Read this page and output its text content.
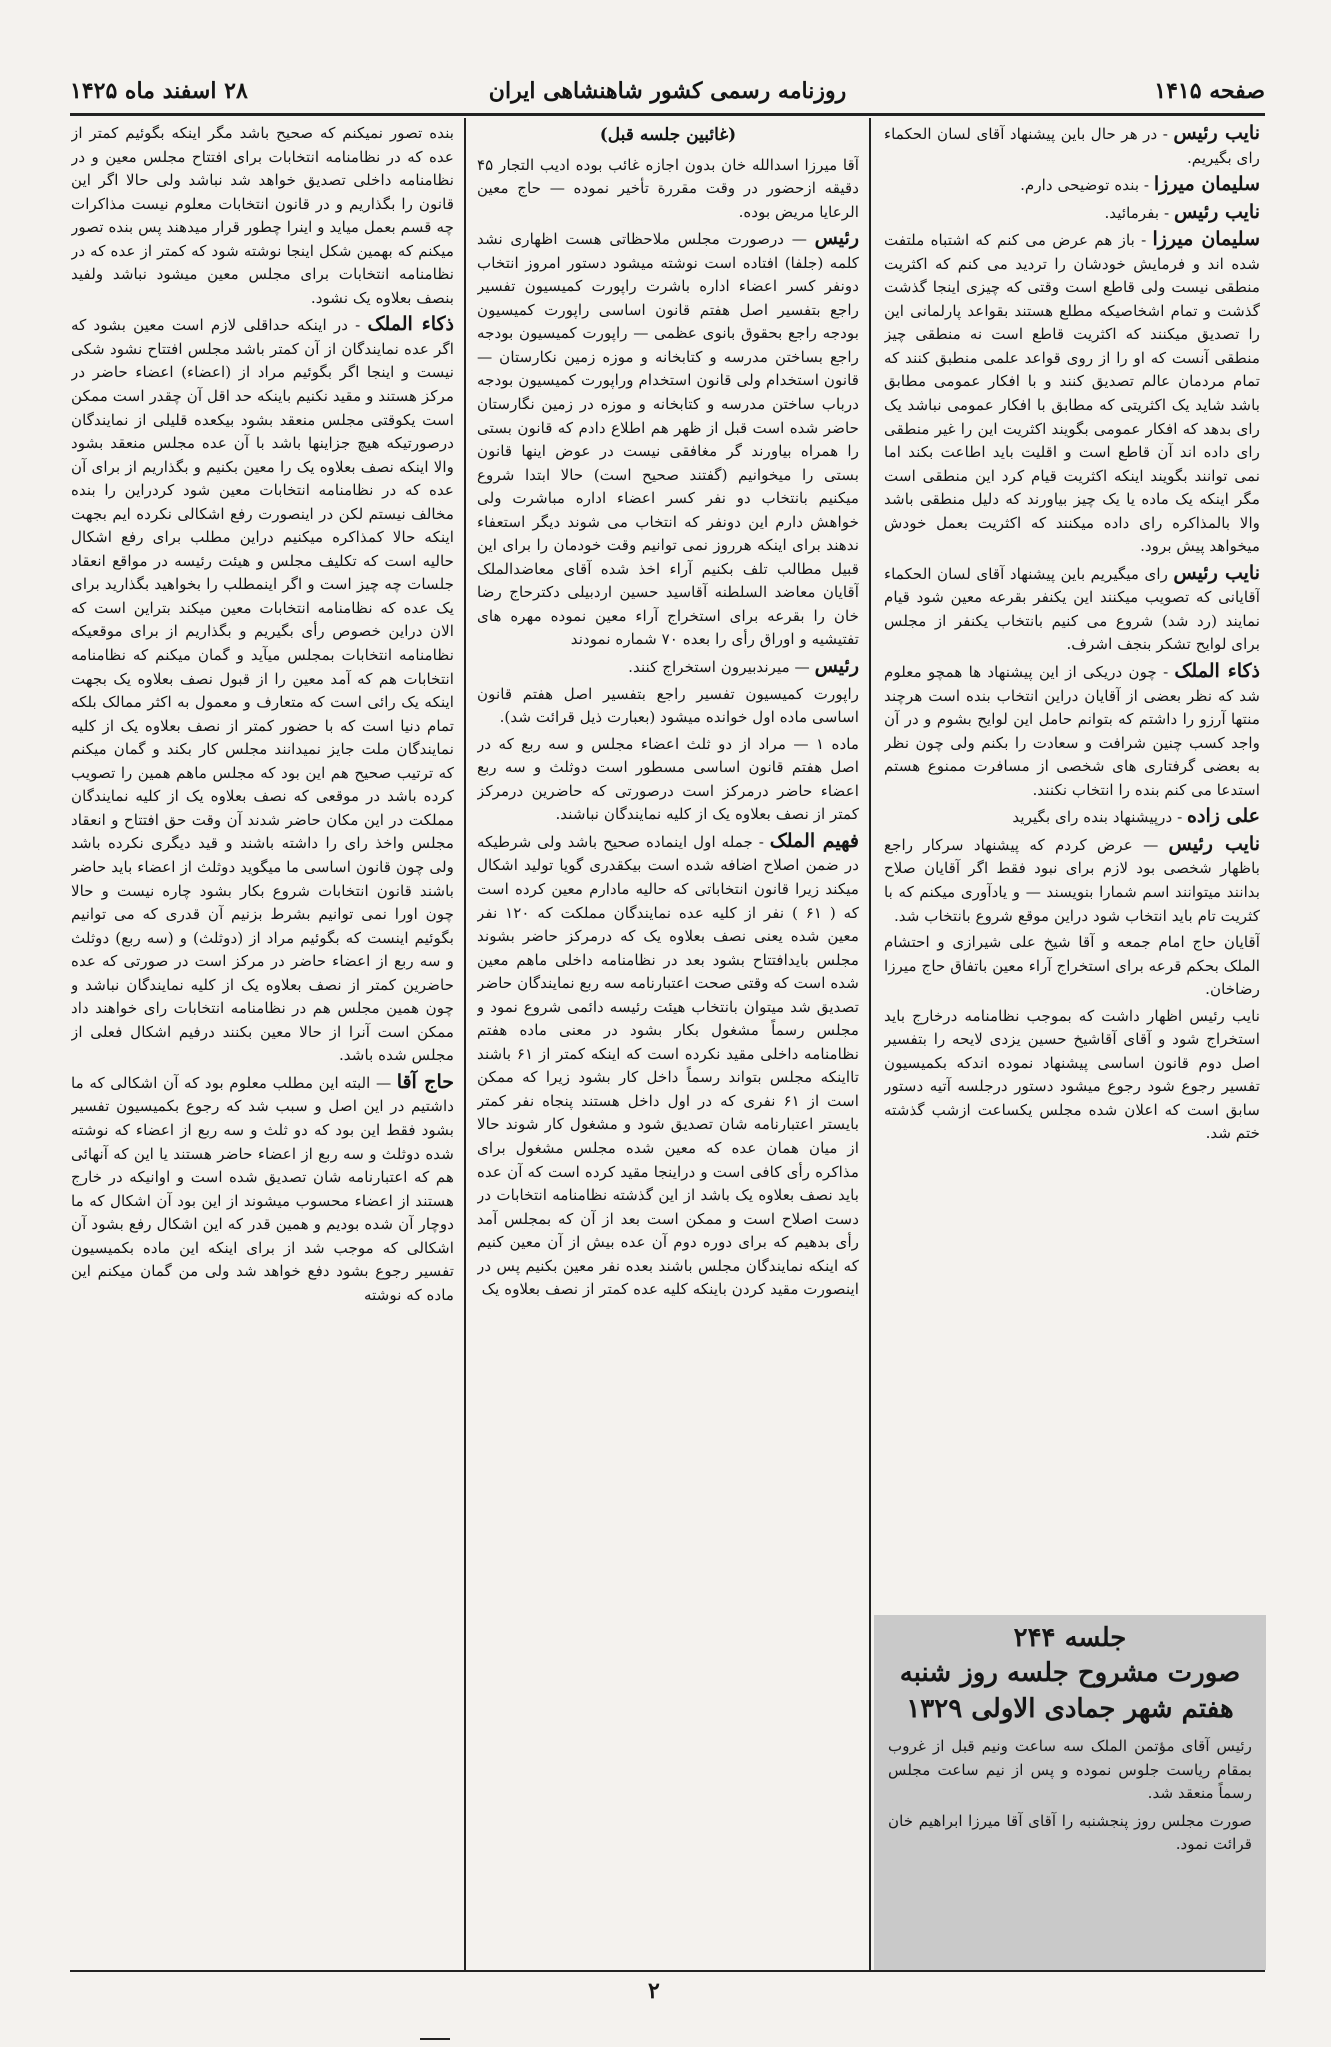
صفحه ۱۴۱۵
روزنامه رسمی کشور شاهنشاهی ایران
۲۸ اسفند ماه ۱۴۲۵

نایب رئیس - در هر حال باین پیشنهاد آقای لسان الحکماء رای بگیریم.

سلیمان میرزا - بنده توضیحی دارم.

نایب رئیس - بفرمائید.

سلیمان میرزا - باز هم عرض می کنم که اشتباه ملتفت شده اند و فرمایش خودشان را تردید می کنم که اکثریت منطقی نیست ولی قاطع است وقتی که چیزی اینجا گذشت گذشت و تمام اشخاصیکه مطلع هستند بقواعد پارلمانی این را تصدیق میکنند که اکثریت قاطع است نه منطقی چیز منطقی آنست که او را از روی قواعد علمی منطبق کنند که تمام مردمان عالم تصدیق کنند و با افکار عمومی مطابق باشد شاید یک اکثریتی که مطابق با افکار عمومی نباشد یک رای بدهد که افکار عمومی بگویند اکثریت این را غیر منطقی رای داده اند آن قاطع است و اقلیت باید اطاعت بکند اما نمی توانند بگویند اینکه اکثریت قیام کرد این منطقی است مگر اینکه یک ماده یا یک چیز بیاورند که دلیل منطقی باشد والا بالمذاکره رای داده میکنند که اکثریت بعمل خودش میخواهد پیش برود.

نایب رئیس رای میگیریم باین پیشنهاد آقای لسان الحکماء آقایانی که تصویب میکنند این یکنفر بقرعه معین شود قیام نمایند (رد شد) شروع می کنیم بانتخاب یکنفر از مجلس برای لوایح تشکر بنجف اشرف.

ذکاء الملک - چون دریکی از این پیشنهاد ها همچو معلوم شد که نظر بعضی از آقایان دراین انتخاب بنده است هرچند منتها آرزو را داشتم که بتوانم حامل این لوایح بشوم و در آن واجد کسب چنین شرافت و سعادت را بکنم ولی چون نظر به بعضی گرفتاری های شخصی از مسافرت ممنوع هستم استدعا می کنم بنده را انتخاب نکنند.

علی زاده - درپیشنهاد بنده رای بگیرید

نایب رئیس — عرض کردم که پیشنهاد سرکار راجع باظهار شخصی بود لازم برای نبود فقط اگر آقایان صلاح بدانند میتوانند اسم شمارا بنویسند — و یادآوری میکنم که با کثریت تام باید انتخاب شود دراین موقع شروع بانتخاب شد.

آقایان حاج امام جمعه و آقا شیخ علی شیرازی و احتشام الملک بحکم قرعه برای استخراج آراء معین باتفاق حاج میرزا رضاخان.

نایب رئیس اظهار داشت که بموجب نظامنامه درخارج باید استخراج شود و آقای آقاشیخ حسین یزدی لایحه را بتفسیر اصل دوم قانون اساسی پیشنهاد نموده اندکه بکمیسیون تفسیر رجوع شود رجوع میشود دستور درجلسه آتیه دستور سابق است که اعلان شده مجلس یکساعت ازشب گذشته ختم شد.

(غائبین جلسه قبل)

آقا میرزا اسدالله خان بدون اجازه غائب بوده ادیب التجار ۴۵ دقیقه ازحضور در وقت مقررة تأخیر نموده — حاج معین الرعایا مریض بوده.

رئیس — درصورت مجلس ملاحظاتی هست اظهاری نشد کلمه (جلفا) افتاده است نوشته میشود دستور امروز انتخاب دونفر کسر اعضاء اداره باشرت راپورت کمیسیون تفسیر راجع بتفسیر اصل هفتم قانون اساسی راپورت کمیسیون بودجه راجع بحقوق بانوی عظمی — راپورت کمیسیون بودجه راجع بساختن مدرسه و کتابخانه و موزه زمین نکارستان — قانون استخدام ولی قانون استخدام وراپورت کمیسیون بودجه درباب ساختن مدرسه و کتابخانه و موزه در زمین نگارستان حاضر شده است قبل از ظهر هم اطلاع دادم که قانون بستی را همراه بیاورند گر مغافقی نیست در عوض اینها قانون بستی را میخوانیم (گفتند صحیح است) حالا ابتدا شروع میکنیم بانتخاب دو نفر کسر اعضاء اداره مباشرت ولی خواهش دارم این دونفر که انتخاب می شوند دیگر استعفاء ندهند برای اینکه هرروز نمی توانیم وقت خودمان را برای این قبیل مطالب تلف بکنیم آراء اخذ شده آقای معاضدالملک آقایان معاضد السلطنه آقاسید حسین اردبیلی دکترحاج رضا خان را بقرعه برای استخراج آراء معین نموده مهره های تفتیشیه و اوراق رأی را بعده ۷۰ شماره نمودند

رئیس — میرندبیرون استخراج کنند.

راپورت کمیسیون تفسیر راجع بتفسیر اصل هفتم قانون اساسی ماده اول خوانده میشود (بعبارت ذیل قرائت شد).

ماده ۱ — مراد از دو ثلث اعضاء مجلس و سه ربع که در اصل هفتم قانون اساسی مسطور است دوثلث و سه ربع اعضاء حاضر درمرکز است درصورتی که حاضرین درمرکز کمتر از نصف بعلاوه یک از کلیه نمایندگان نباشند.

فهیم الملک - جمله اول اینماده صحیح باشد ولی شرطیکه در ضمن اصلاح اضافه شده است بیکقدری گویا تولید اشکال میکند زیرا قانون انتخاباتی که حالیه مادارم معین کرده است که ( ۶۱ ) نفر از کلیه عده نمایندگان مملکت که ۱۲۰ نفر معین شده یعنی نصف بعلاوه یک که درمرکز حاضر بشوند مجلس بایدافتتاح بشود بعد در نظامنامه داخلی ماهم معین شده است که وقتی صحت اعتبارنامه سه ربع نمایندگان حاضر تصدیق شد میتوان بانتخاب هیئت رئیسه دائمی شروع نمود و مجلس رسماً مشغول بکار بشود در معنی ماده هفتم نظامنامه داخلی مقید نکرده است که اینکه کمتر از ۶۱ باشند تااینکه مجلس بتواند رسماً داخل کار بشود زیرا که ممکن است از ۶۱ نفری که در اول داخل هستند پنجاه نفر کمتر بایستر اعتبارنامه شان تصدیق شود و مشغول کار شوند حالا از میان همان عده که معین شده مجلس مشغول برای مذاکره رأی کافی است و دراینجا مقید کرده است که آن عده باید نصف بعلاوه یک باشد از این گذشته نظامنامه انتخابات در دست اصلاح است و ممکن است بعد از آن که بمجلس آمد رأی بدهیم که برای دوره دوم آن عده بیش از آن معین کنیم که اینکه نمایندگان مجلس باشند بعده نفر معین بکنیم پس در اینصورت مقید کردن باینکه کلیه عده کمتر از نصف بعلاوه یک

بنده تصور نمیکنم که صحیح باشد مگر اینکه بگوئیم کمتر از عده که در نظامنامه انتخابات برای افتتاح مجلس معین و در نظامنامه داخلی تصدیق خواهد شد نباشد ولی حالا اگر این قانون را بگذاریم و در قانون انتخابات معلوم نیست مذاکرات چه قسم بعمل میاید و اینرا چطور قرار میدهند پس بنده تصور میکنم که بهمین شکل اینجا نوشته شود که کمتر از عده که در نظامنامه انتخابات برای مجلس معین میشود نباشد ولفید بنصف بعلاوه یک نشود.

ذکاء الملک - در اینکه حداقلی لازم است معین بشود که اگر عده نمایندگان از آن کمتر باشد مجلس افتتاح نشود شکی نیست و اینجا اگر بگوئیم مراد از (اعضاء) اعضاء حاضر در مرکز هستند و مقید نکنیم باینکه حد اقل آن چقدر است ممکن است یکوقتی مجلس منعقد بشود بیکعده قلیلی از نمایندگان درصورتیکه هیچ جزاینها باشد با آن عده مجلس منعقد بشود والا اینکه نصف بعلاوه یک را معین بکنیم و بگذاریم از برای آن عده که در نظامنامه انتخابات معین شود کردراین را بنده مخالف نیستم لکن در اینصورت رفع اشکالی نکرده ایم بجهت اینکه حالا کمذاکره میکنیم دراین مطلب برای رفع اشکال حالیه است که تکلیف مجلس و هیئت رئیسه در مواقع انعقاد جلسات چه چیز است و اگر اینمطلب را بخواهید بگذارید برای یک عده که نظامنامه انتخابات معین میکند بتراین است که الان دراین خصوص رأی بگیریم و بگذاریم از برای موقعیکه نظامنامه انتخابات بمجلس میآید و گمان میکنم که نظامنامه انتخابات هم که آمد معین را از قبول نصف بعلاوه یک بجهت اینکه یک رائی است که متعارف و معمول به اکثر ممالک بلکه تمام دنیا است که با حضور کمتر از نصف بعلاوه یک از کلیه نمایندگان ملت جایز نمیدانند مجلس کار بکند و گمان میکنم که ترتیب صحیح هم این بود که مجلس ماهم همین را تصویب کرده باشد در موقعی که نصف بعلاوه یک از کلیه نمایندگان مملکت در این مکان حاضر شدند آن وقت حق افتتاح و انعقاد مجلس واخذ رای را داشته باشند و قید دیگری نکرده باشد ولی چون قانون اساسی ما میگوید دوثلث از اعضاء باید حاضر باشند قانون انتخابات شروع بکار بشود چاره نیست و حالا چون اورا نمی توانیم بشرط بزنیم آن قدری که می توانیم بگوئیم اینست که بگوئیم مراد از (دوثلث) و (سه ربع) دوثلث و سه ربع از اعضاء حاضر در مرکز است در صورتی که عده حاضرین کمتر از نصف بعلاوه یک از کلیه نمایندگان نباشد و چون همین مجلس هم در نظامنامه انتخابات رای خواهند داد ممکن است آنرا از حالا معین بکنند درفیم اشکال فعلی از مجلس شده باشد.

حاج آقا — البته این مطلب معلوم بود که آن اشکالی که ما داشتیم در این اصل و سبب شد که رجوع بکمیسیون تفسیر بشود فقط این بود که دو ثلث و سه ربع از اعضاء که نوشته شده دوثلث و سه ربع از اعضاء حاضر هستند یا این که آنهائی هم که اعتبارنامه شان تصدیق شده است و اوانیکه در خارج هستند از اعضاء محسوب میشوند از این بود آن اشکال که ما دوچار آن شده بودیم و همین قدر که این اشکال رفع بشود آن اشکالی که موجب شد از برای اینکه این ماده بکمیسیون تفسیر رجوع بشود دفع خواهد شد ولی من گمان میکنم این ماده که نوشته

جلسه ۲۴۴
صورت مشروح جلسه روز شنبه
هفتم شهر جمادی الاولی ۱۳۲۹

رئیس آقای مؤتمن الملک سه ساعت ونیم قبل از غروب بمقام ریاست جلوس نموده و پس از نیم ساعت مجلس رسماً منعقد شد.

صورت مجلس روز پنجشنبه را آقای آقا میرزا ابراهیم خان قرائت نمود.

۲
